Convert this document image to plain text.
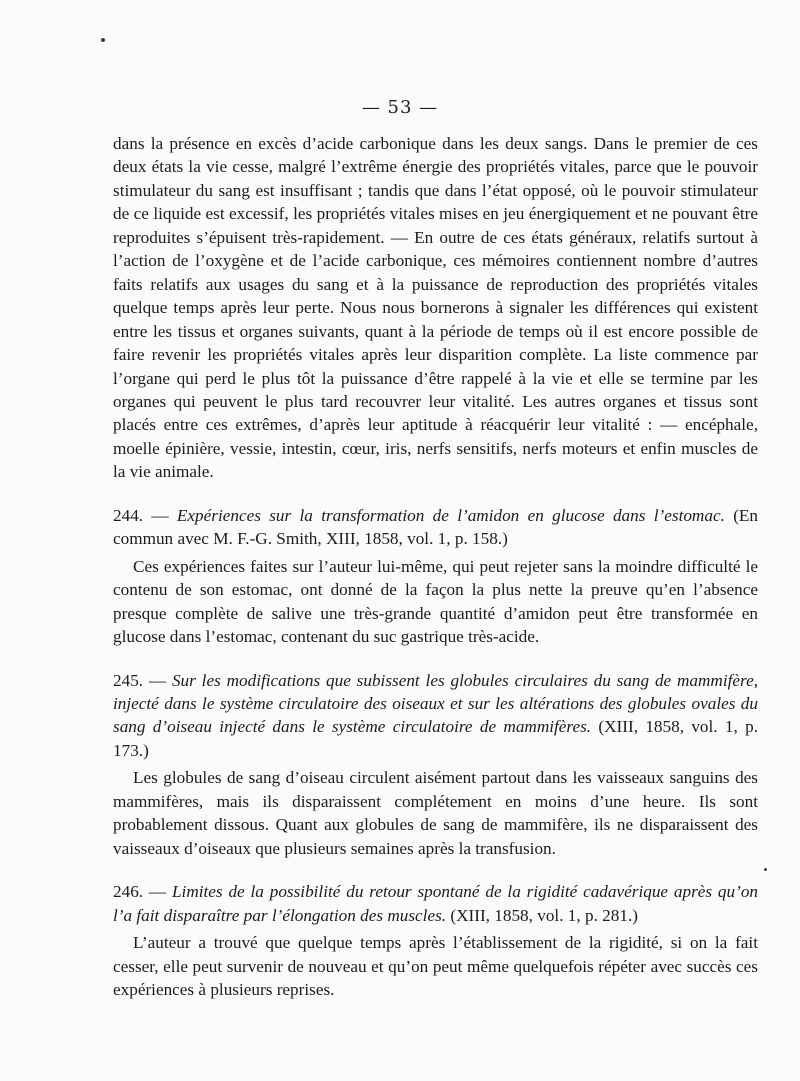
— 53 —

dans la présence en excès d’acide carbonique dans les deux sangs. Dans le premier de ces deux états la vie cesse, malgré l’extrême énergie des propriétés vitales, parce que le pouvoir stimulateur du sang est insuffisant ; tandis que dans l’état opposé, où le pouvoir stimulateur de ce liquide est excessif, les propriétés vitales mises en jeu énergiquement et ne pouvant être reproduites s’épuisent très-rapidement. — En outre de ces états généraux, relatifs surtout à l’action de l’oxygène et de l’acide carbonique, ces mémoires contiennent nombre d’autres faits relatifs aux usages du sang et à la puissance de reproduction des propriétés vitales quelque temps après leur perte. Nous nous bornerons à signaler les différences qui existent entre les tissus et organes suivants, quant à la période de temps où il est encore possible de faire revenir les propriétés vitales après leur disparition complète. La liste commence par l’organe qui perd le plus tôt la puissance d’être rappelé à la vie et elle se termine par les organes qui peuvent le plus tard recouvrer leur vitalité. Les autres organes et tissus sont placés entre ces extrêmes, d’après leur aptitude à réacquérir leur vitalité : — encéphale, moelle épinière, vessie, intestin, cœur, iris, nerfs sensitifs, nerfs moteurs et enfin muscles de la vie animale.

244. — Expériences sur la transformation de l’amidon en glucose dans l’estomac. (En commun avec M. F.-G. Smith, XIII, 1858, vol. 1, p. 158.)

Ces expériences faites sur l’auteur lui-même, qui peut rejeter sans la moindre difficulté le contenu de son estomac, ont donné de la façon la plus nette la preuve qu’en l’absence presque complète de salive une très-grande quantité d’amidon peut être transformée en glucose dans l’estomac, contenant du suc gastrique très-acide.

245. — Sur les modifications que subissent les globules circulaires du sang de mammifère, injecté dans le système circulatoire des oiseaux et sur les altérations des globules ovales du sang d’oiseau injecté dans le système circulatoire de mammifères. (XIII, 1858, vol. 1, p. 173.)

Les globules de sang d’oiseau circulent aisément partout dans les vaisseaux sanguins des mammifères, mais ils disparaissent complétement en moins d’une heure. Ils sont probablement dissous. Quant aux globules de sang de mammifère, ils ne disparaissent des vaisseaux d’oiseaux que plusieurs semaines après la transfusion.

246. — Limites de la possibilité du retour spontané de la rigidité cadavérique après qu’on l’a fait disparaître par l’élongation des muscles. (XIII, 1858, vol. 1, p. 281.)

L’auteur a trouvé que quelque temps après l’établissement de la rigidité, si on la fait cesser, elle peut survenir de nouveau et qu’on peut même quelquefois répéter avec succès ces expériences à plusieurs reprises.
